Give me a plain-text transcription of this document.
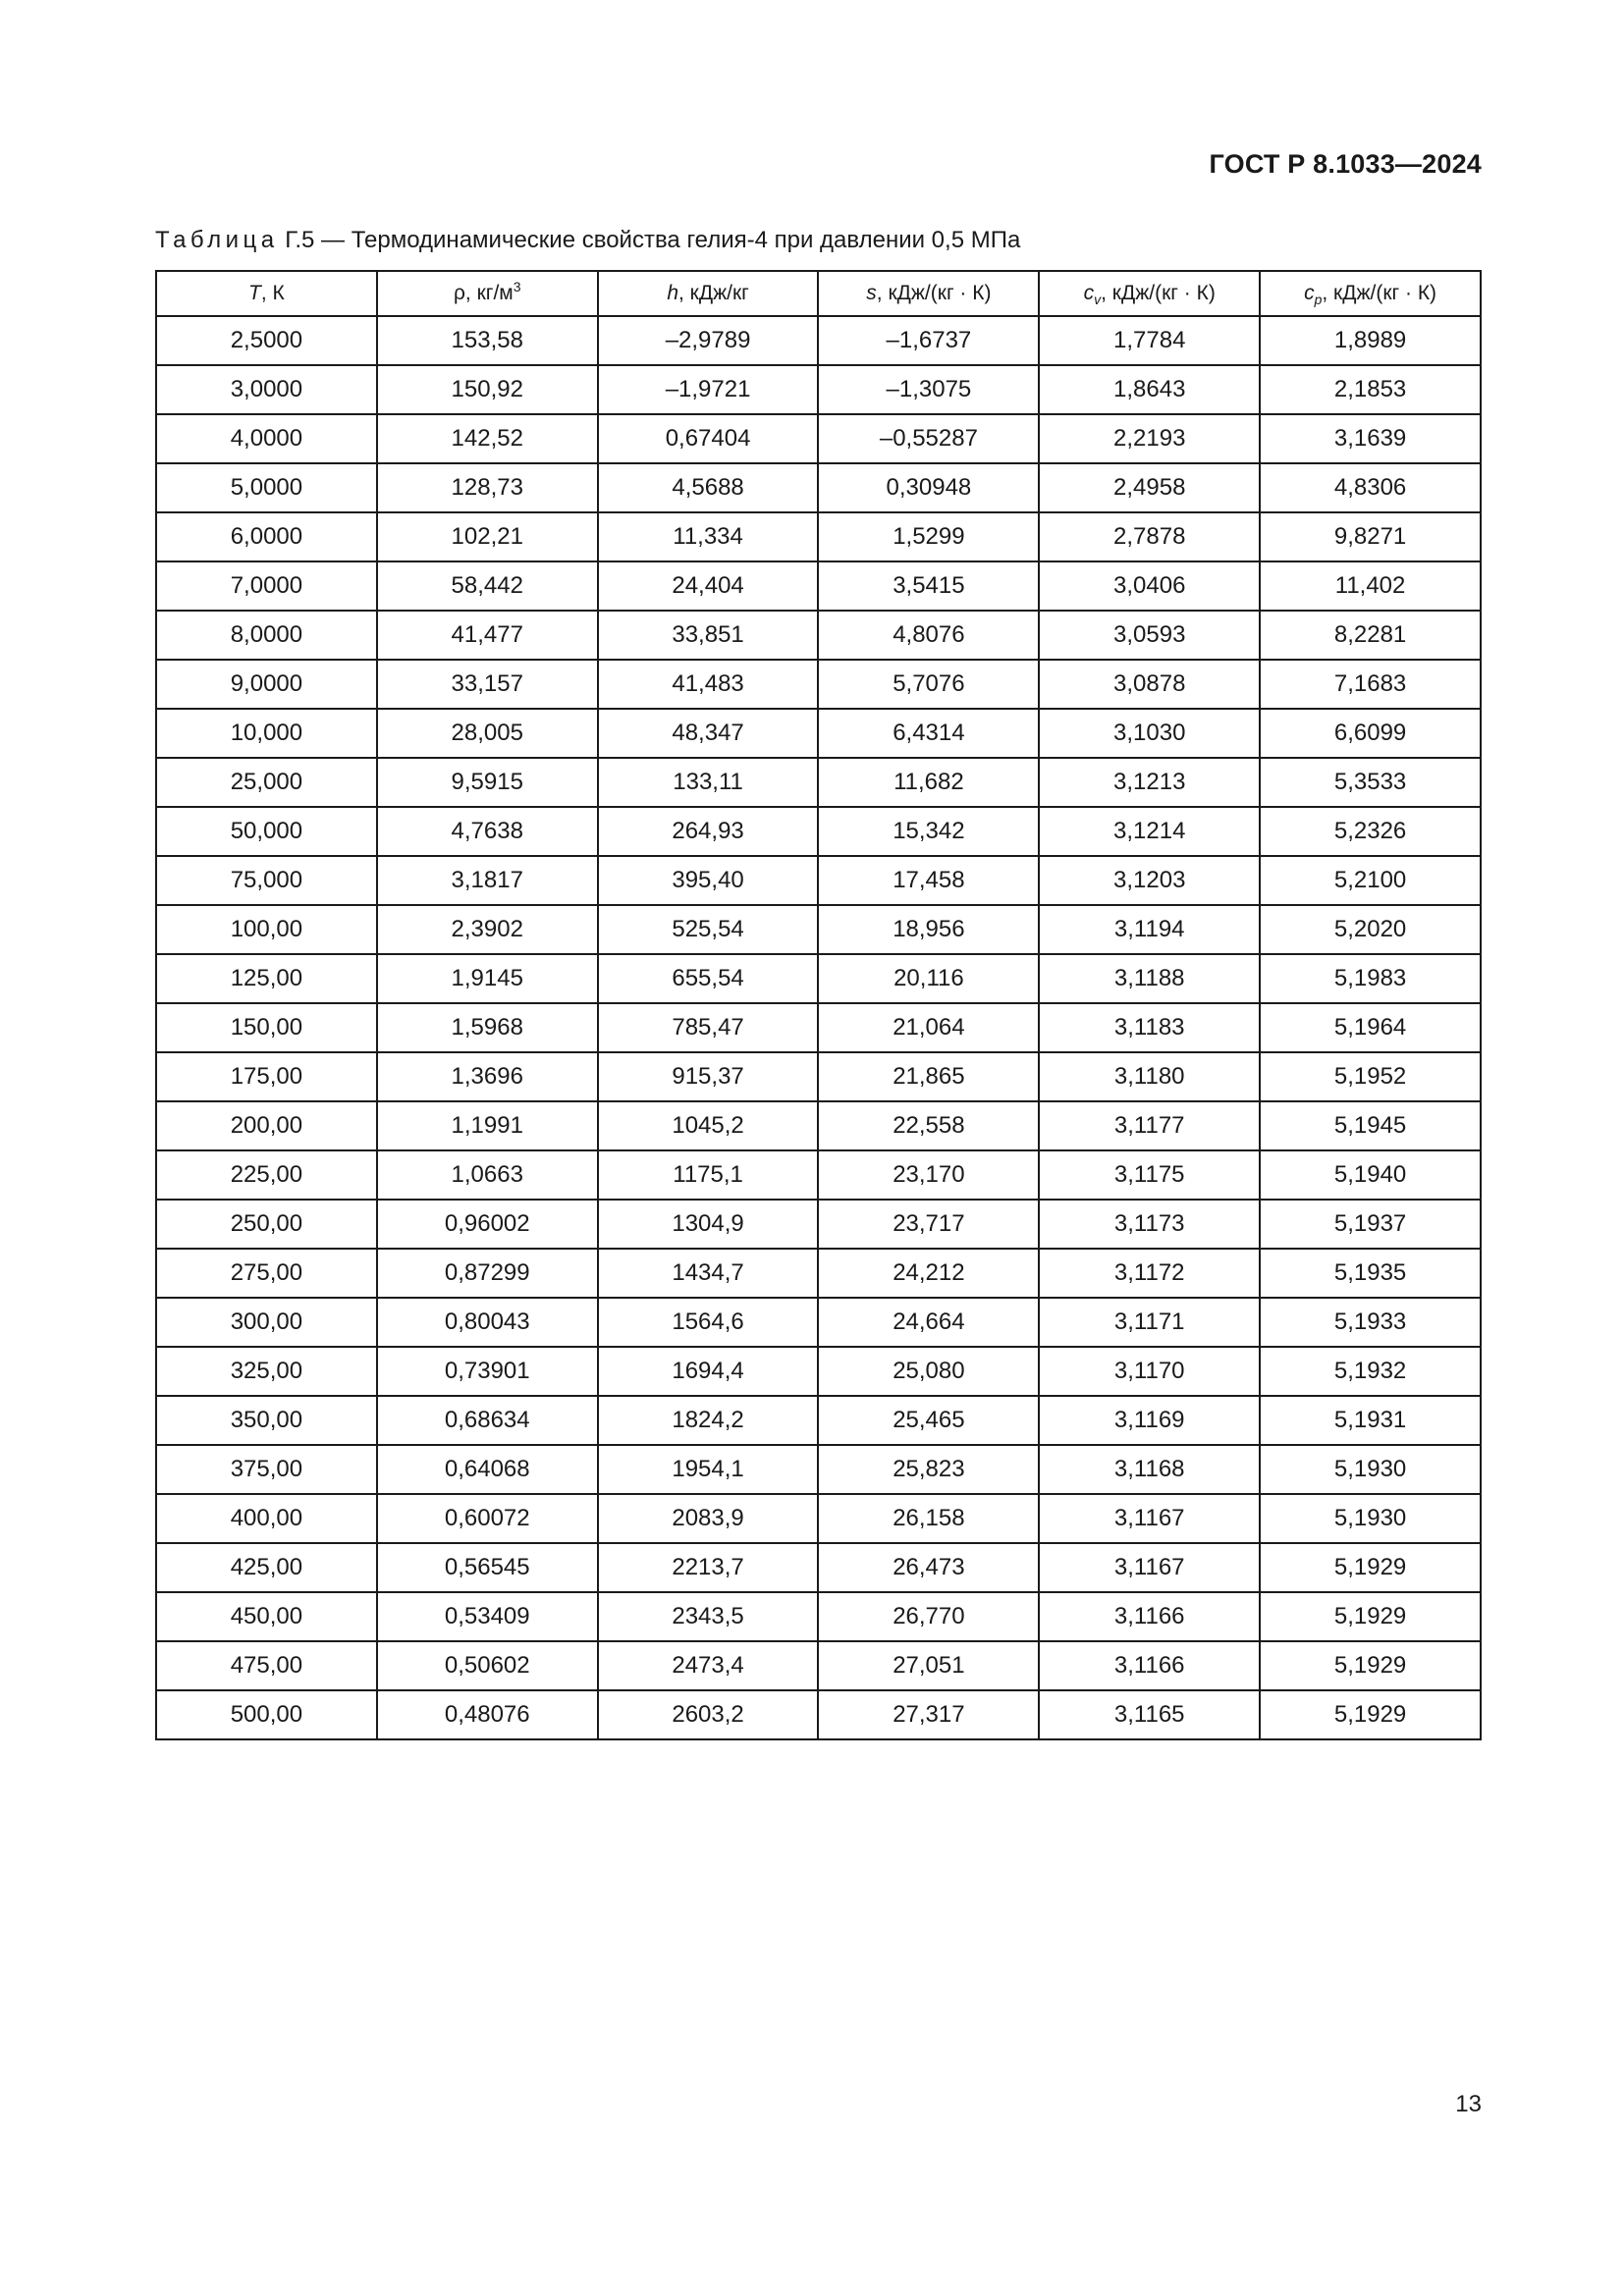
ГОСТ Р 8.1033—2024
Таблица Г.5 — Термодинамические свойства гелия-4 при давлении 0,5 МПа
T, К	ρ, $кг/м^3$	h, кДж/кг	s, кДж/(кг · К)	$c_v$, кДж/(кг · К)	$c_p$, кДж/(кг · К)
2,5000	153,58	–2,9789	–1,6737	1,7784	1,8989
3,0000	150,92	–1,9721	–1,3075	1,8643	2,1853
4,0000	142,52	0,67404	–0,55287	2,2193	3,1639
5,0000	128,73	4,5688	0,30948	2,4958	4,8306
6,0000	102,21	11,334	1,5299	2,7878	9,8271
7,0000	58,442	24,404	3,5415	3,0406	11,402
8,0000	41,477	33,851	4,8076	3,0593	8,2281
9,0000	33,157	41,483	5,7076	3,0878	7,1683
10,000	28,005	48,347	6,4314	3,1030	6,6099
25,000	9,5915	133,11	11,682	3,1213	5,3533
50,000	4,7638	264,93	15,342	3,1214	5,2326
75,000	3,1817	395,40	17,458	3,1203	5,2100
100,00	2,3902	525,54	18,956	3,1194	5,2020
125,00	1,9145	655,54	20,116	3,1188	5,1983
150,00	1,5968	785,47	21,064	3,1183	5,1964
175,00	1,3696	915,37	21,865	3,1180	5,1952
200,00	1,1991	1045,2	22,558	3,1177	5,1945
225,00	1,0663	1175,1	23,170	3,1175	5,1940
250,00	0,96002	1304,9	23,717	3,1173	5,1937
275,00	0,87299	1434,7	24,212	3,1172	5,1935
300,00	0,80043	1564,6	24,664	3,1171	5,1933
325,00	0,73901	1694,4	25,080	3,1170	5,1932
350,00	0,68634	1824,2	25,465	3,1169	5,1931
375,00	0,64068	1954,1	25,823	3,1168	5,1930
400,00	0,60072	2083,9	26,158	3,1167	5,1930
425,00	0,56545	2213,7	26,473	3,1167	5,1929
450,00	0,53409	2343,5	26,770	3,1166	5,1929
475,00	0,50602	2473,4	27,051	3,1166	5,1929
500,00	0,48076	2603,2	27,317	3,1165	5,1929
13
